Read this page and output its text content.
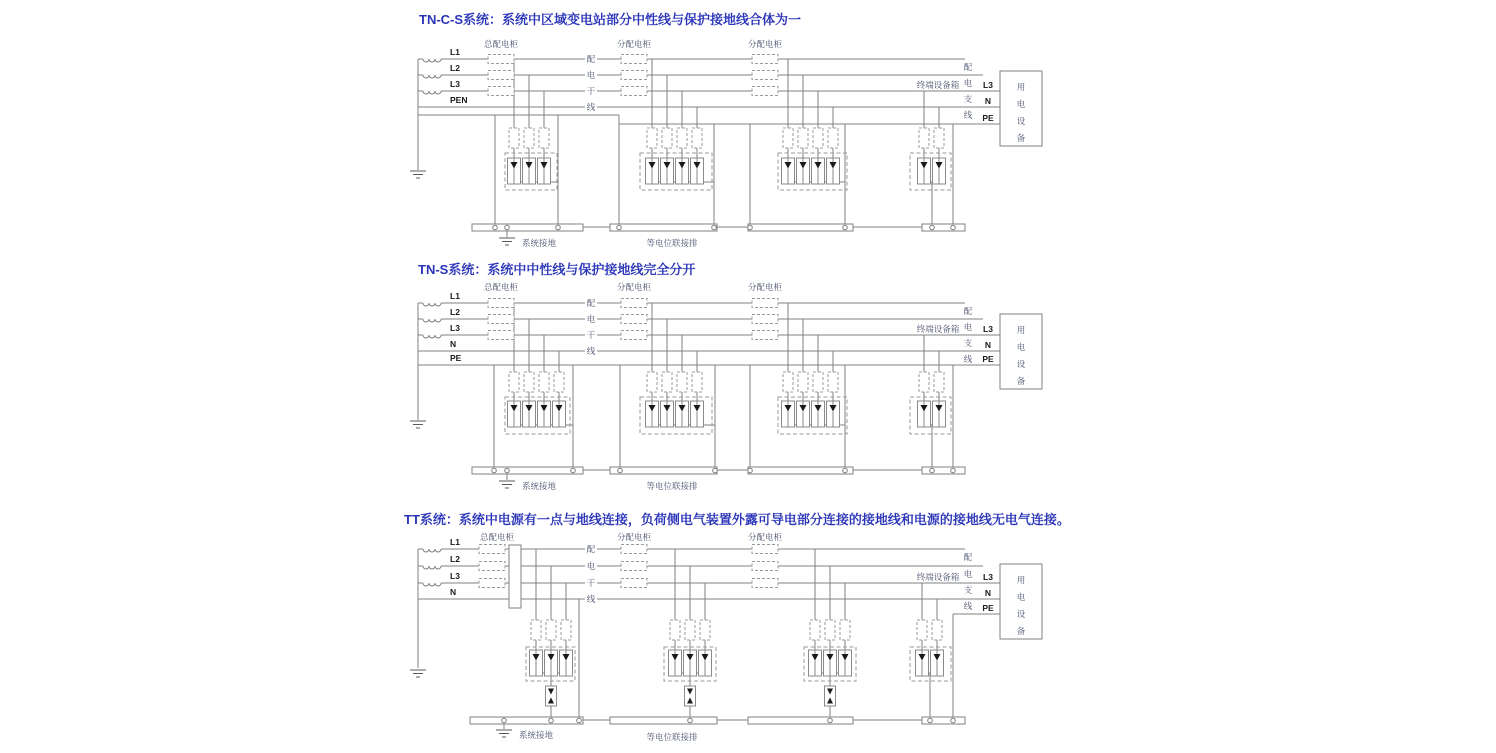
TN-C-S系统：系统中区域变电站部分中性线与保护接地线合体为一
总配电柜	分配电柜	分配电柜
L1
L2
L3
PEN
配
电
干
线
终端设备箱
配
电
支
线
L3
N
PE
用
电
设
备
系统接地	等电位联接排
TN-S系统：系统中中性线与保护接地线完全分开
总配电柜	分配电柜	分配电柜
L1
L2
L3
N
PE
配
电
干
线
终端设备箱
配
电
支
线
L3
N
PE
用
电
设
备
系统接地	等电位联接排
TT系统：系统中电源有一点与地线连接，负荷侧电气装置外露可导电部分连接的接地线和电源的接地线无电气连接。
总配电柜	分配电柜	分配电柜
L1
L2
L3
N
配
电
干
线
终端设备箱
配
电
支
线
L3
N
PE
用
电
设
备
系统接地	等电位联接排
